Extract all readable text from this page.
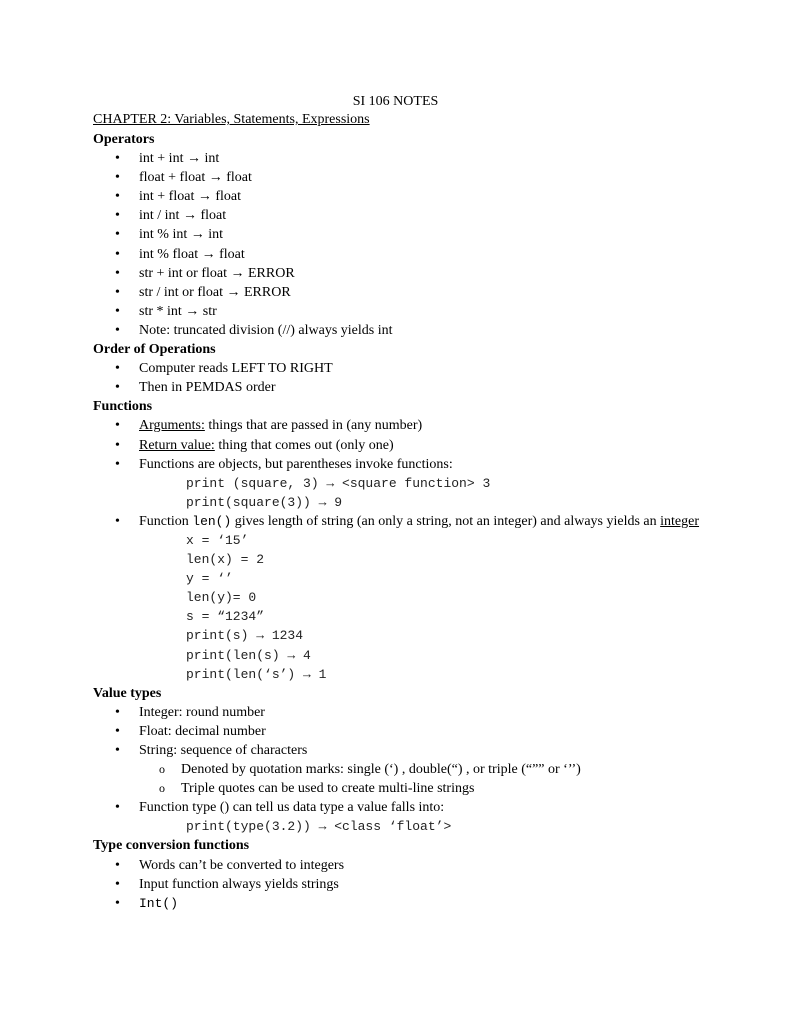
SI 106 NOTES
CHAPTER 2: Variables, Statements, Expressions
Operators
• int + int → int
• float + float → float
• int + float → float
• int / int → float
• int % int → int
• int % float → float
• str + int or float → ERROR
• str / int or float → ERROR
• str * int → str
• Note: truncated division (//) always yields int
Order of Operations
• Computer reads LEFT TO RIGHT
• Then in PEMDAS order
Functions
• Arguments: things that are passed in (any number)
• Return value: thing that comes out (only one)
• Functions are objects, but parentheses invoke functions:
print (square, 3) → <square function> 3
print(square(3)) → 9
• Function len() gives length of string (an only a string, not an integer) and always yields an integer
x = ‘15’
len(x) = 2
y = ‘’
len(y)= 0
s = “1234”
print(s) → 1234
print(len(s) → 4
print(len(‘s’) → 1
Value types
• Integer: round number
• Float: decimal number
• String: sequence of characters
o Denoted by quotation marks: single (‘) , double(“) , or triple (“”” or ‘’’)
o Triple quotes can be used to create multi-line strings
• Function type () can tell us data type a value falls into:
print(type(3.2)) → <class ‘float’>
Type conversion functions
• Words can’t be converted to integers
• Input function always yields strings
• Int()
